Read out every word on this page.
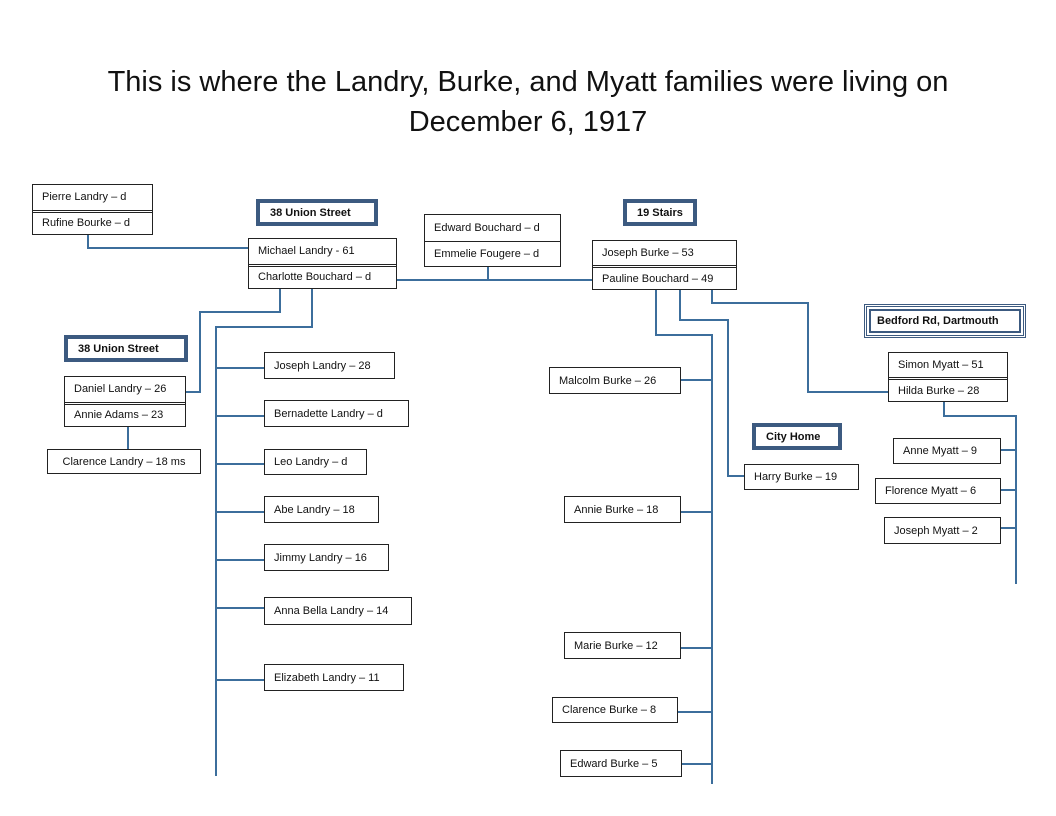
This is where the Landry, Burke, and Myatt families were living on
December 6, 1917
38 Union Street
38 Union Street
19 Stairs
Bedford Rd, Dartmouth
City Home
Pierre Landry – d
Rufine Bourke – d
Michael Landry - 61
Charlotte Bouchard – d
Edward Bouchard – d
Emmelie Fougere – d	Joseph Burke – 53
Pauline Bouchard – 49
Daniel Landry – 26
Annie Adams – 23
Simon Myatt – 51
Hilda Burke – 28
Clarence Landry – 18 ms
Joseph Landry – 28
Bernadette Landry – d
Leo Landry – d
Abe Landry – 18
Jimmy Landry – 16
Anna Bella Landry – 14
Elizabeth Landry – 11
Malcolm Burke – 26
Annie Burke – 18
Marie Burke – 12
Clarence Burke – 8
Edward Burke – 5
Harry Burke – 19
Anne Myatt – 9
Florence Myatt – 6
Joseph Myatt – 2
